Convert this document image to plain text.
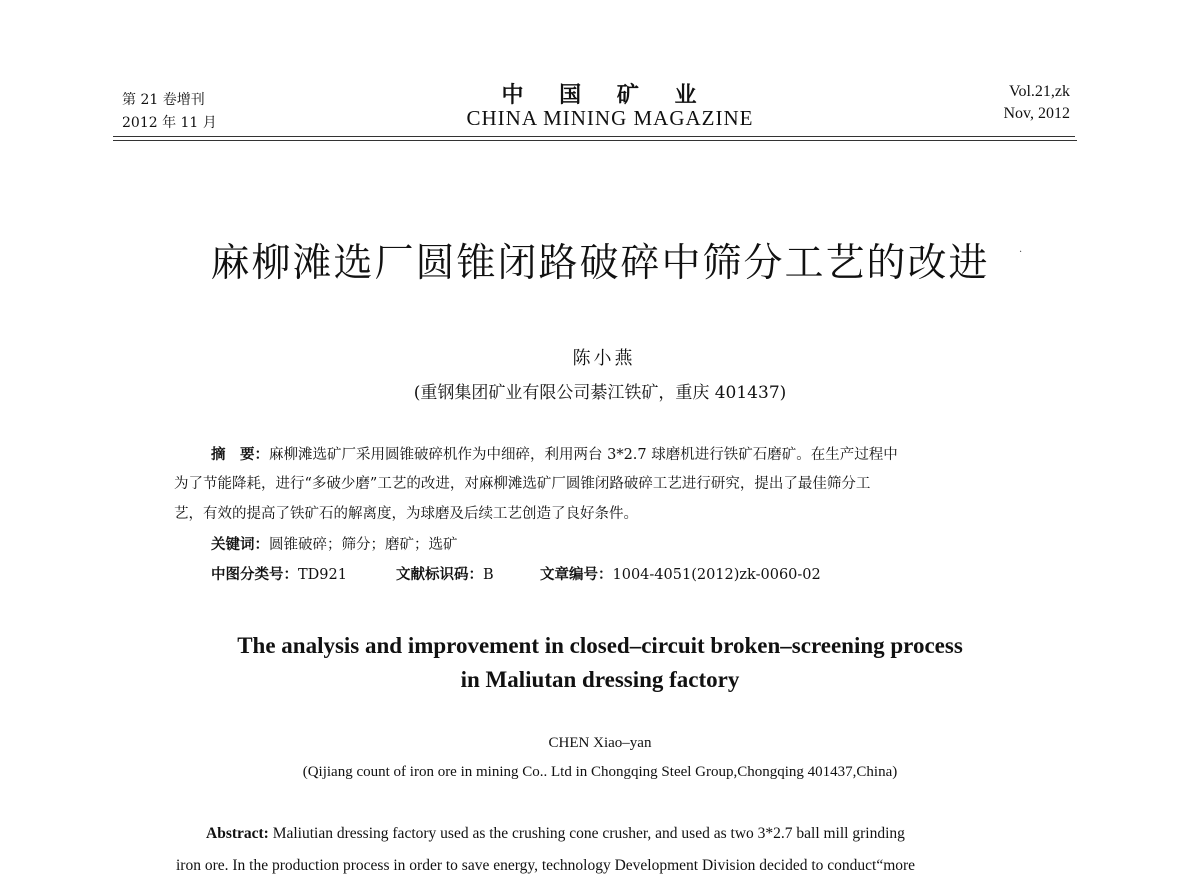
第 21 卷增刊
2012 年 11 月
中 国 矿 业
CHINA MINING MAGAZINE
Vol.21,zk
Nov, 2012
麻柳滩选厂圆锥闭路破碎中筛分工艺的改进	·
陈小燕
(重钢集团矿业有限公司綦江铁矿，重庆 401437)
摘　要：麻柳滩选矿厂采用圆锥破碎机作为中细碎，利用两台 3*2.7 球磨机进行铁矿石磨矿。在生产过程中
为了节能降耗，进行“多破少磨”工艺的改进，对麻柳滩选矿厂圆锥闭路破碎工艺进行研究，提出了最佳筛分工
艺，有效的提高了铁矿石的解离度，为球磨及后续工艺创造了良好条件。
关键词：圆锥破碎；筛分；磨矿；选矿
中图分类号：TD921	文献标识码：B	文章编号：1004-4051(2012)zk-0060-02
The analysis and improvement in closed–circuit broken–screening process
in Maliutan dressing factory
CHEN Xiao–yan
(Qijiang count of iron ore in mining Co.. Ltd in Chongqing Steel Group,Chongqing 401437,China)
Abstract: Maliutian dressing factory used as the crushing cone crusher, and used as two 3*2.7 ball mill grinding
iron ore. In the production process in order to save energy, technology Development Division decided to conduct“more
